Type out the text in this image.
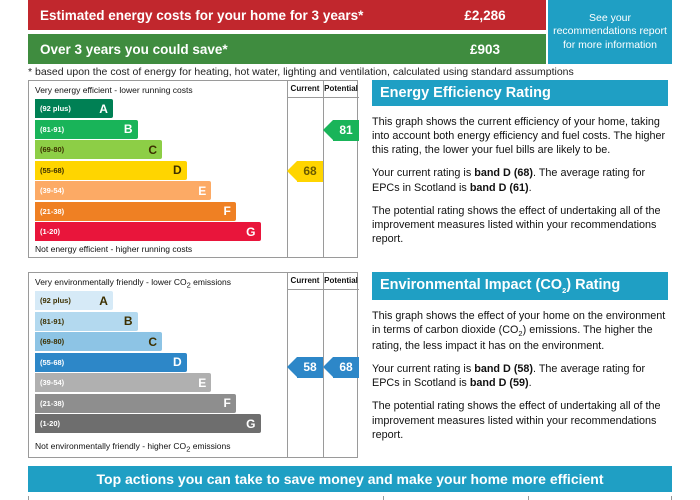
Estimated energy costs for your home for 3 years*	£2,286
Over 3 years you could save*	£903
See your recommendations report for more information
* based upon the cost of energy for heating, hot water, lighting and ventilation, calculated using standard assumptions
Very energy efficient - lower running costs
Not energy efficient - higher running costs
Current Potential
(92 plus) A
(81-91)	B
(69-80)	C
(55-68)	D
(39-54)	E
(21-38)	F
(1-20)	G
68
81
Energy Efficiency Rating

This graph shows the current efficiency of your home, taking into account both energy efficiency and fuel costs. The higher this rating, the lower your fuel bills are likely to be.

Your current rating is band D (68). The average rating for EPCs in Scotland is band D (61).

The potential rating shows the effect of undertaking all of the improvement measures listed within your recommendations report.

Very environmentally friendly - lower $CO_2$ emissions
Not environmentally friendly - higher $CO_2$ emissions
Current Potential
(92 plus) A
(81-91)	B
(69-80)	C
(55-68)	D
(39-54)	E
(21-38)	F
(1-20)	G
58 68
Environmental Impact $(CO_2)$ Rating

This graph shows the effect of your home on the environment in terms of carbon dioxide $(CO_2)$ emissions. The higher the rating, the less impact it has on the environment.

Your current rating is band D (58). The average rating for EPCs in Scotland is band D (59).

The potential rating shows the effect of undertaking all of the improvement measures listed within your recommendations report.

Top actions you can take to save money and make your home more efficient
